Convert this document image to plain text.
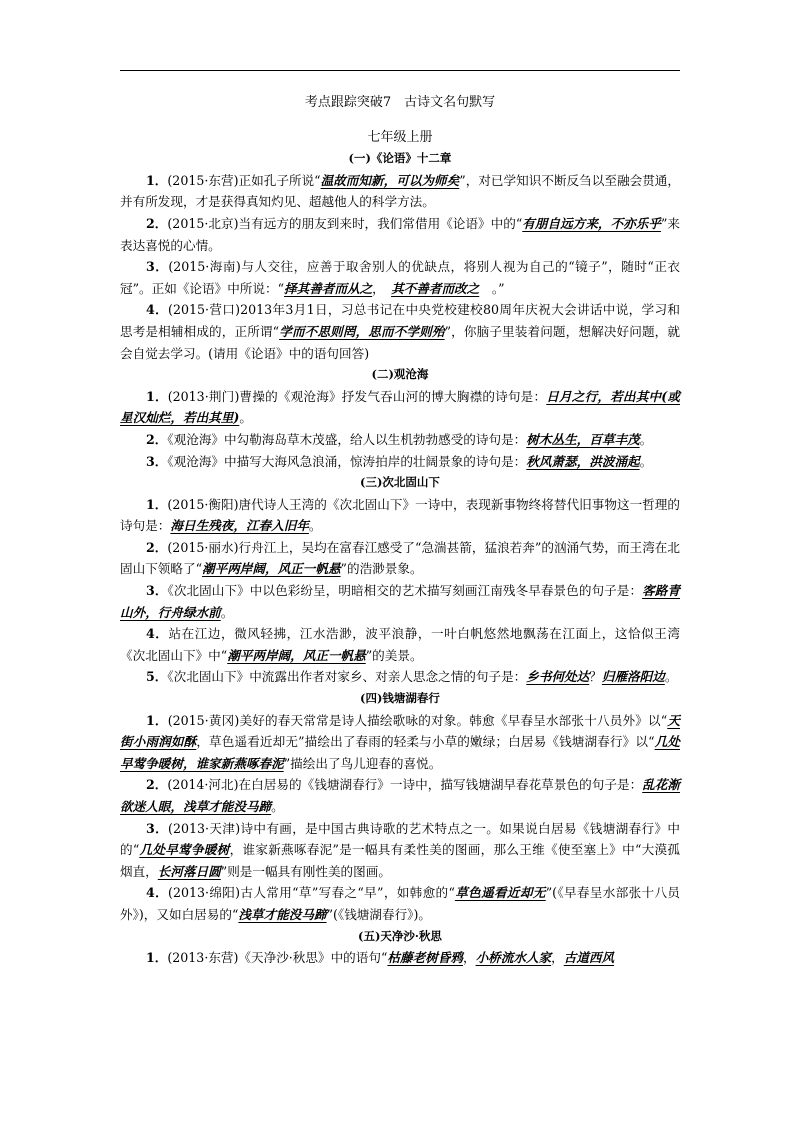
考点跟踪突破7　古诗文名句默写
七年级上册
(一)《论语》十二章

1．(2015·东营)正如孔子所说“温故而知新，可以为师矣”，对已学知识不断反刍以至融会贯通，并有所发现，才是获得真知灼见、超越他人的科学方法。

2．(2015·北京)当有远方的朋友到来时，我们常借用《论语》中的“有朋自远方来，不亦乐乎”来表达喜悦的心情。

3．(2015·海南)与人交往，应善于取舍别人的优缺点，将别人视为自己的“镜子”，随时“正衣冠”。正如《论语》中所说：“择其善者而从之，　其不善者而改之　。”

4．(2015·营口)2013年3月1日，习总书记在中央党校建校80周年庆祝大会讲话中说，学习和思考是相辅相成的，正所谓“学而不思则罔，思而不学则殆”，你脑子里装着问题，想解决好问题，就会自觉去学习。(请用《论语》中的语句回答)

(二)观沧海

1．(2013·荆门)曹操的《观沧海》抒发气吞山河的博大胸襟的诗句是：日月之行，若出其中(或星汉灿烂，若出其里)。

2．《观沧海》中勾勒海岛草木茂盛，给人以生机勃勃感受的诗句是：树木丛生，百草丰茂。

3．《观沧海》中描写大海风急浪涌，惊涛拍岸的壮阔景象的诗句是：秋风萧瑟，洪波涌起。

(三)次北固山下

1．(2015·衡阳)唐代诗人王湾的《次北固山下》一诗中，表现新事物终将替代旧事物这一哲理的诗句是：海日生残夜，江春入旧年。

2．(2015·丽水)行舟江上，吴均在富春江感受了“急湍甚箭，猛浪若奔”的汹涌气势，而王湾在北固山下领略了“潮平两岸阔，风正一帆悬”的浩渺景象。

3．《次北固山下》中以色彩纷呈，明暗相交的艺术描写刻画江南残冬早春景色的句子是：客路青山外，行舟绿水前。

4．站在江边，微风轻拂，江水浩渺，波平浪静，一叶白帆悠然地飘荡在江面上，这恰似王湾《次北固山下》中“潮平两岸阔，风正一帆悬”的美景。

5．《次北固山下》中流露出作者对家乡、对亲人思念之情的句子是：乡书何处达？归雁洛阳边。

(四)钱塘湖春行

1．(2015·黄冈)美好的春天常常是诗人描绘歌咏的对象。韩愈《早春呈水部张十八员外》以“天街小雨润如酥，草色遥看近却无”描绘出了春雨的轻柔与小草的嫩绿；白居易《钱塘湖春行》以“几处早莺争暖树，谁家新燕啄春泥”描绘出了鸟儿迎春的喜悦。

2．(2014·河北)在白居易的《钱塘湖春行》一诗中，描写钱塘湖早春花草景色的句子是：乱花渐欲迷人眼，浅草才能没马蹄。

3．(2013·天津)诗中有画，是中国古典诗歌的艺术特点之一。如果说白居易《钱塘湖春行》中的“几处早莺争暖树，谁家新燕啄春泥”是一幅具有柔性美的图画，那么王维《使至塞上》中“大漠孤烟直，长河落日圆”则是一幅具有刚性美的图画。

4．(2013·绵阳)古人常用“草”写春之“早”，如韩愈的“草色遥看近却无”(《早春呈水部张十八员外》)，又如白居易的“浅草才能没马蹄”(《钱塘湖春行》)。

(五)天净沙·秋思

1．(2013·东营)《天净沙·秋思》中的语句“枯藤老树昏鸦，小桥流水人家，古道西风
